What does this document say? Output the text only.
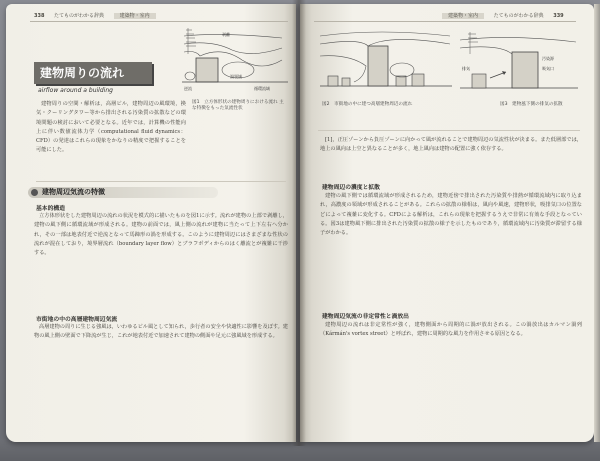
338 たてものがわかる辞典	建築物・室内
建物周りの流れ
airflow around a building
剥離
逆流
渦領域
循環流域
図1　立方体形状の建物周りにおける流れ 主な特徴をもった気流性状

建物周りの空間・解析は，高層ビル，建物周辺の風環境，換気・クーリングタワー等から排出される汚染質の拡散などの環境問題の検討において必要となる。近年では，計算機の性能向上に伴い数値流体力学（computational fluid dynamics：CFD）の発達はこれらの現象をかなりの精度で把握することを可能にした。

建物周辺気流の特徴
基本的構造

立方体形状をした建物周辺の流れの状況を模式的に描いたものを図1に示す。流れが建物の上部で剥離し，建物の風下側に循環流域が形成される。建物の前面では，風上側の流れが建物に当たって上下左右へ分かれ，その一部は地表付近で逆流となって馬蹄形の渦を形成する。このように建物周辺にはさまざまな性状の流れが混在しており，境界層流れ（boundary layer flow）とブラフボディからのはく離流とが複雑に干渉する。

市街地の中の高層建物周辺気流

高層建物の周りに生じる強風は，いわゆるビル風として知られ，歩行者の安全や快適性に影響を及ぼす。建物の風上側の壁面で下降流が生じ，これが地表付近で加速されて建物の側面や足元に強風域を形成する。

建築物・室内	たてものがわかる辞典 339
図2　市街地の中に建つ高層建物周辺の流れ
汚染源
吸気口
排気
図3　建物風下側の排気の拡散

[1]，正圧ゾーンから負圧ゾーンに向かって風が流れることで建物周辺の気流性状が決まる。また低層部では，地上の風向は上空と異なることが多く，地上風向は建物の配置に強く依存する。

建物周辺の濃度と拡散

建物の風下側では循環流域が形成されるため，建物近傍で排出された汚染質や排熱が循環流域内に取り込まれ，高濃度の領域が形成されることがある。これらの拡散の様相は，風向や風速，建物形状，吸排気口の位置などによって複雑に変化する。CFDによる解析は，これらの現象を把握するうえで非常に有効な手段となっている。図3は建物風下側に排出された汚染質の拡散の様子を示したものであり，循環流域内に汚染質が滞留する様子がわかる。

建物周辺気流の非定常性と渦放出

建物周辺の流れは非定常性が強く，建物側面から周期的に渦が放出される。この渦放出はカルマン渦列（Kármán's vortex street）と呼ばれ，建物に周期的な風力を作用させる原因となる。
